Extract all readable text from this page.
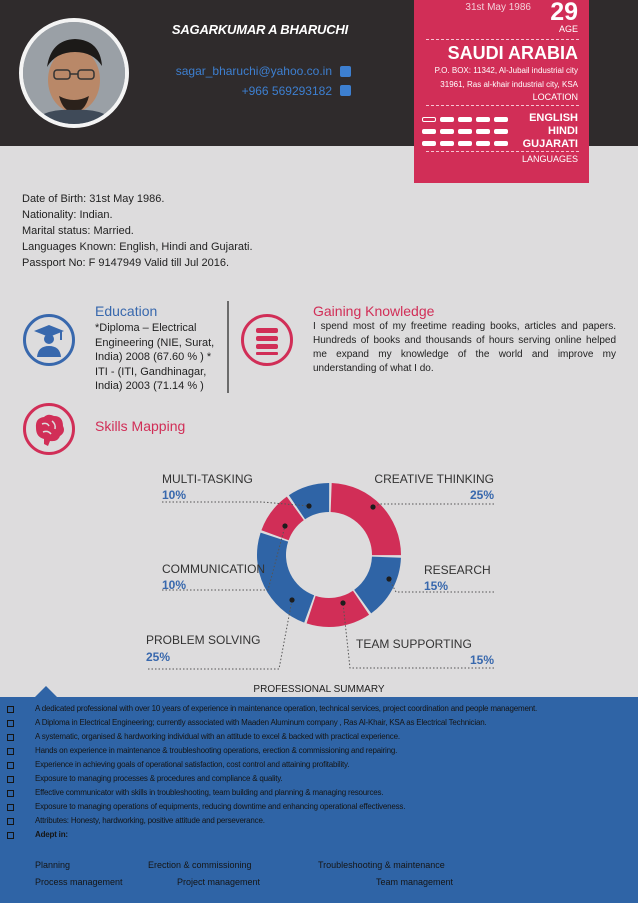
SAGARKUMAR A BHARUCHI
sagar_bharuchi@yahoo.co.in
+966 569293182
31st May 1986 29
AGE
SAUDI ARABIA
P.O. BOX: 11342, Al-Jubail industrial city
31961, Ras al-khair industrial city, KSA
LOCATION
ENGLISH
HINDI
GUJARATI
LANGUAGES
Date of Birth: 31st May 1986.
Nationality: Indian.
Marital status: Married.
Languages Known: English, Hindi and Gujarati.
Passport No: F 9147949 Valid till Jul 2016.
Education
*Diploma – Electrical Engineering (NIE, Surat, India) 2008 (67.60 % ) * ITI - (ITI, Gandhinagar, India) 2003 (71.14 % )
Gaining Knowledge
I spend most of my freetime reading books, articles and papers. Hundreds of books and thousands of hours serving online helped me expand my knowledge of the world and improve my understanding of what I do.
Skills Mapping
MULTI-TASKING
10%
CREATIVE THINKING
25%
COMMUNICATION
10%
RESEARCH
15%
PROBLEM SOLVING
25%
TEAM SUPPORTING
15%
PROFESSIONAL SUMMARY
A dedicated professional with over 10 years of experience in maintenance operation, technical services, project coordination and people management.
A Diploma in Electrical Engineering; currently associated with Maaden Aluminum company , Ras Al-Khair, KSA as Electrical Technician.
A systematic, organised & hardworking individual with an attitude to excel & backed with practical experience.
Hands on experience in maintenance & troubleshooting operations, erection & commissioning and repairing.
Experience in achieving goals of operational satisfaction, cost control and attaining profitability.
Exposure to managing processes & procedures and compliance & quality.
Effective communicator with skills in troubleshooting, team building and planning & managing resources.
Exposure to managing operations of equipments, reducing downtime and enhancing operational effectiveness.
Attributes: Honesty, hardworking, positive attitude and perseverance.
Adept in:
Planning	Erection & commissioning	Troubleshooting & maintenance
Process management	Project management	Team management
